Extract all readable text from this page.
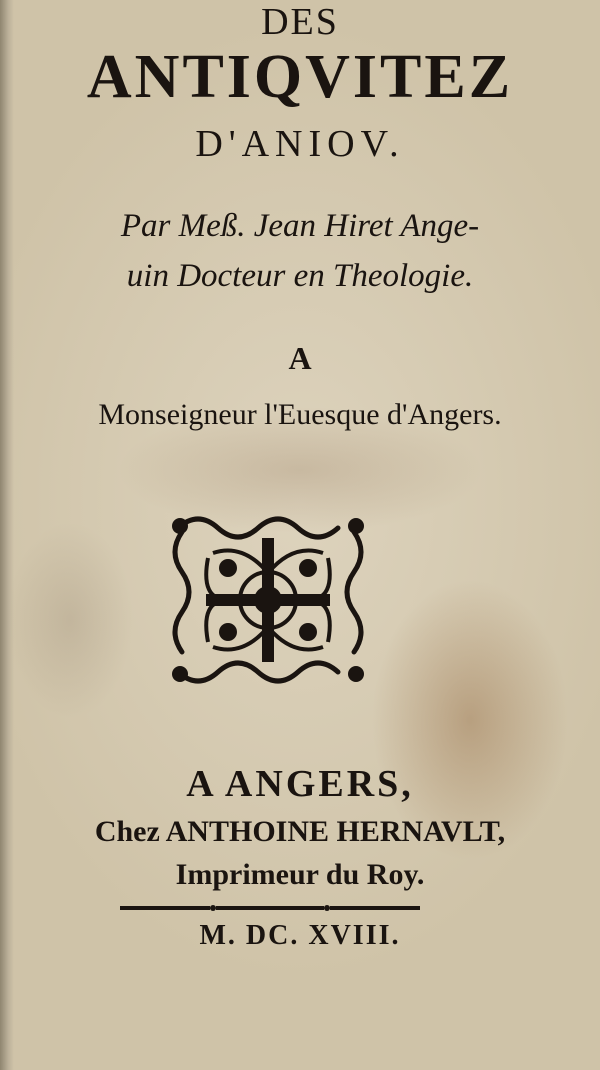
DES
ANTIQVITEZ
D'ANIOV.
Par Meß. Jean Hiret Ange-
uin Docteur en Theologie.
A
Monseigneur l'Euesque d'Angers.
A ANGERS,
Chez ANTHOINE HERNAVLT,
Imprimeur du Roy.
M. DC. XVIII.
